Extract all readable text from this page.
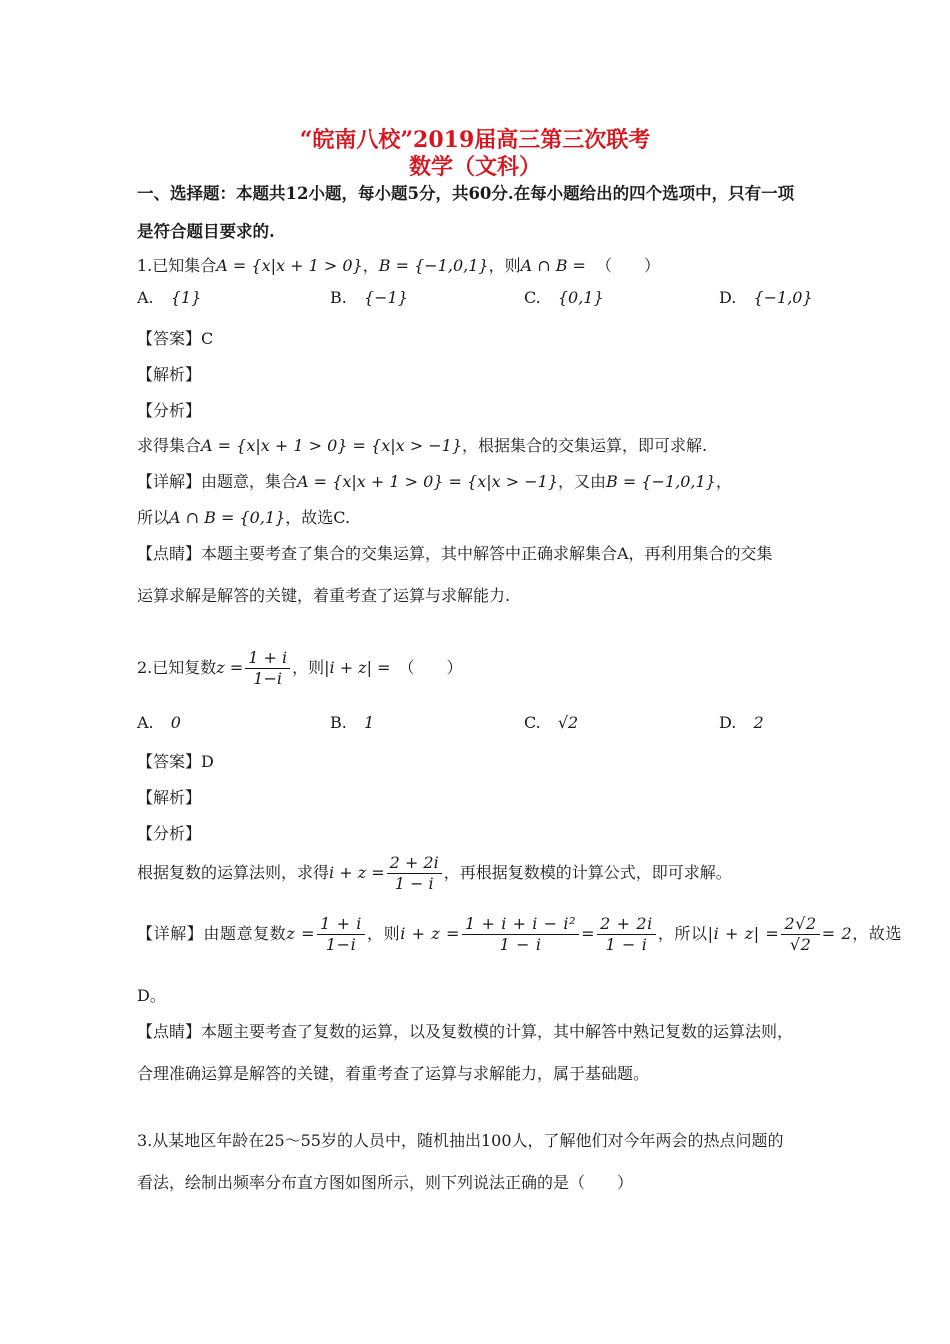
“皖南八校”2019届高三第三次联考
数学（文科）
一、选择题：本题共12小题，每小题5分，共60分.在每小题给出的四个选项中，只有一项
是符合题目要求的.
1.已知集合A = {x|x + 1 > 0}，B = {−1,0,1}，则A ∩ B = （　　）
A. {1}	B. {−1}	C. {0,1}	D. {−1,0}
【答案】C
【解析】
【分析】
求得集合A = {x|x + 1 > 0} = {x|x > −1}，根据集合的交集运算，即可求解.
【详解】由题意，集合A = {x|x + 1 > 0} = {x|x > −1}，又由B = {−1,0,1}，
所以A ∩ B = {0,1}，故选C.
【点睛】本题主要考查了集合的交集运算，其中解答中正确求解集合A，再利用集合的交集
运算求解是解答的关键，着重考查了运算与求解能力.
2.已知复数$z = \frac{1 + i}{1-i}$ ，则|i + z| = （　　）
A. 0	B. 1	C. √2	D. 2
【答案】D
【解析】
【分析】
根据复数的运算法则，求得$i + z = \frac{2 + 2i}{1 - i}$ ，再根据复数模的计算公式，即可求解。
【详解】由题意复数$z = \frac{1 + i}{1-i}$ ，则$i + z = \frac{\text{1 + i + i − i²}}{1 - i} = \frac{2 + 2i}{1 - i}$ ，所以$|i + z| = \frac{2√2}{√2} = 2$，故选
D。
【点睛】本题主要考查了复数的运算，以及复数模的计算，其中解答中熟记复数的运算法则，
合理准确运算是解答的关键，着重考查了运算与求解能力，属于基础题。
3.从某地区年龄在25～55岁的人员中，随机抽出100人，了解他们对今年两会的热点问题的
看法，绘制出频率分布直方图如图所示，则下列说法正确的是（　　）
